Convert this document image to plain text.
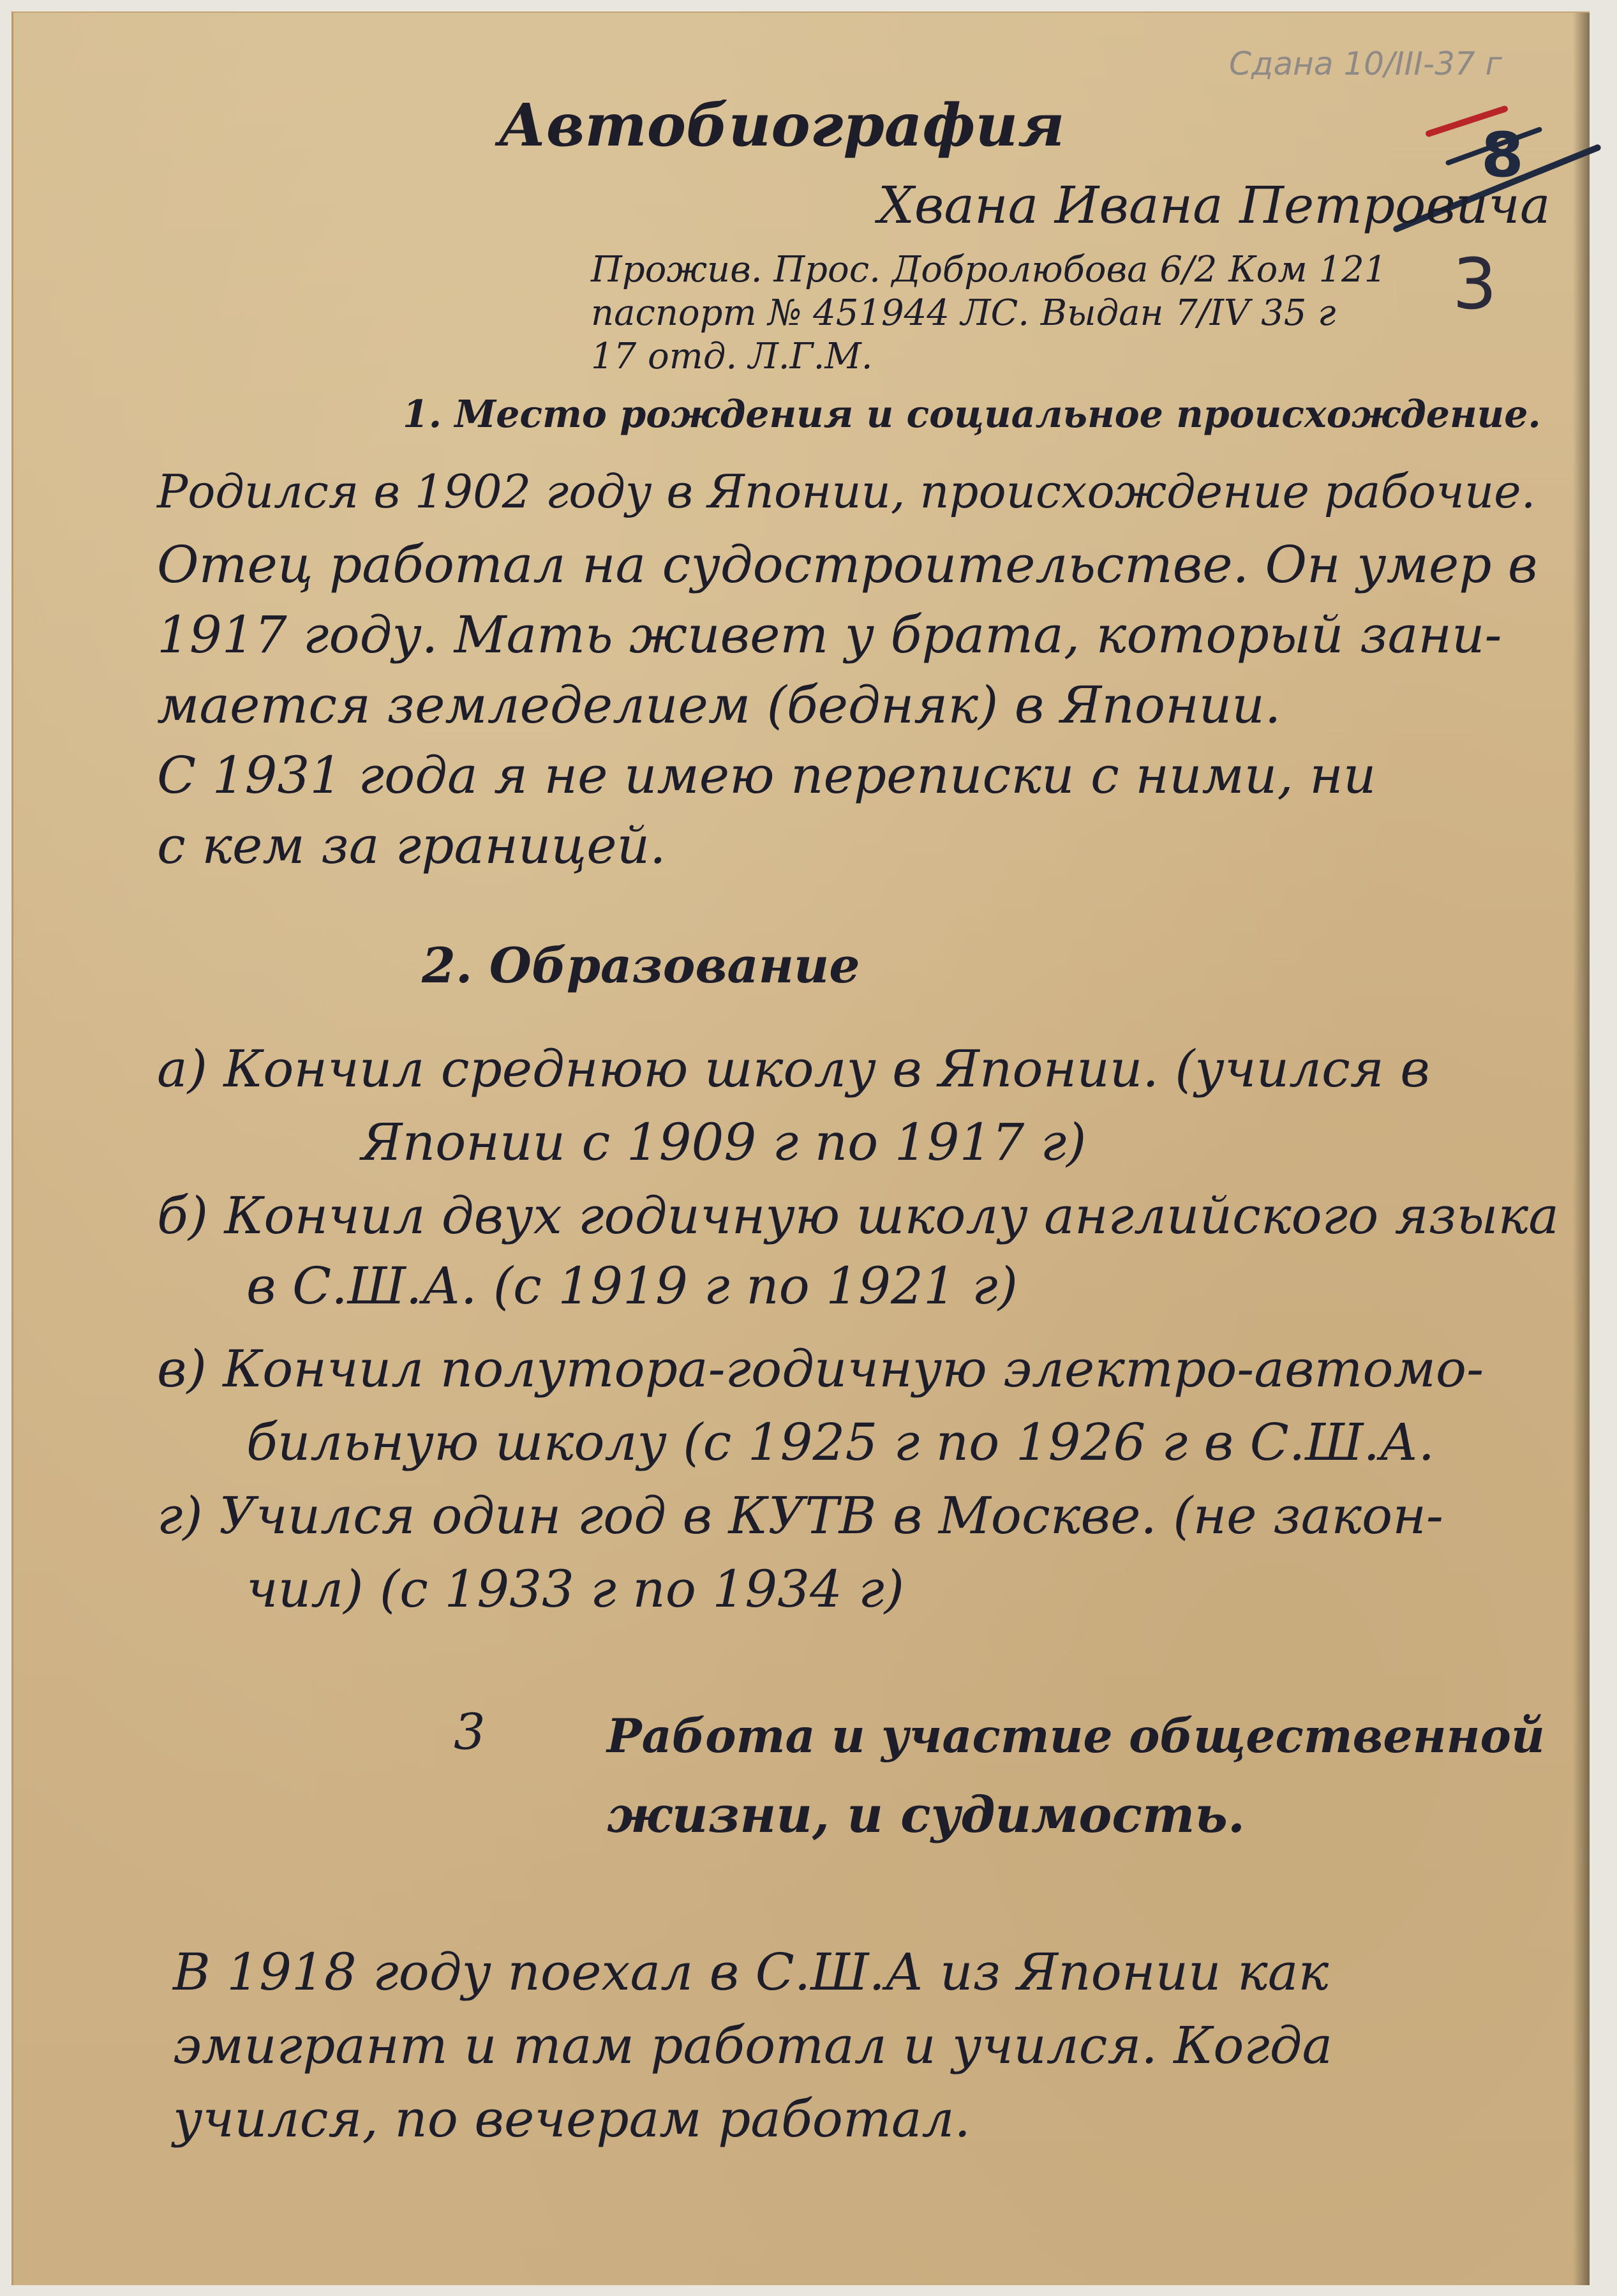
Сдана 10/III-37 г
8
3
Автобиография

Хвана Ивана Петровича

Прожив. Прос. Добролюбова 6/2 Ком 121

паспорт № 451944 ЛС. Выдан 7/IV 35 г

17 отд. Л.Г.М.

1. Место рождения и социальное происхождение.

Родился в 1902 году в Японии, происхождение рабочие.

Отец работал на судостроительстве. Он умер в

1917 году. Мать живет у брата, который зани-

мается земледелием (бедняк) в Японии.

С 1931 года я не имею переписки с ними, ни

с кем за границей.

2. Образование

а) Кончил среднюю школу в Японии. (учился в

Японии с 1909 г по 1917 г)

б) Кончил двух годичную школу английского языка

в С.Ш.А. (с 1919 г по 1921 г)

в) Кончил полутора-годичную электро-автомо-

бильную школу (с 1925 г по 1926 г в С.Ш.А.

г) Учился один год в КУТВ в Москве. (не закон-

чил) (с 1933 г по 1934 г)

3	Работа и участие общественной
жизни, и судимость.

В 1918 году поехал в С.Ш.А из Японии как

эмигрант и там работал и учился. Когда

учился, по вечерам работал.
